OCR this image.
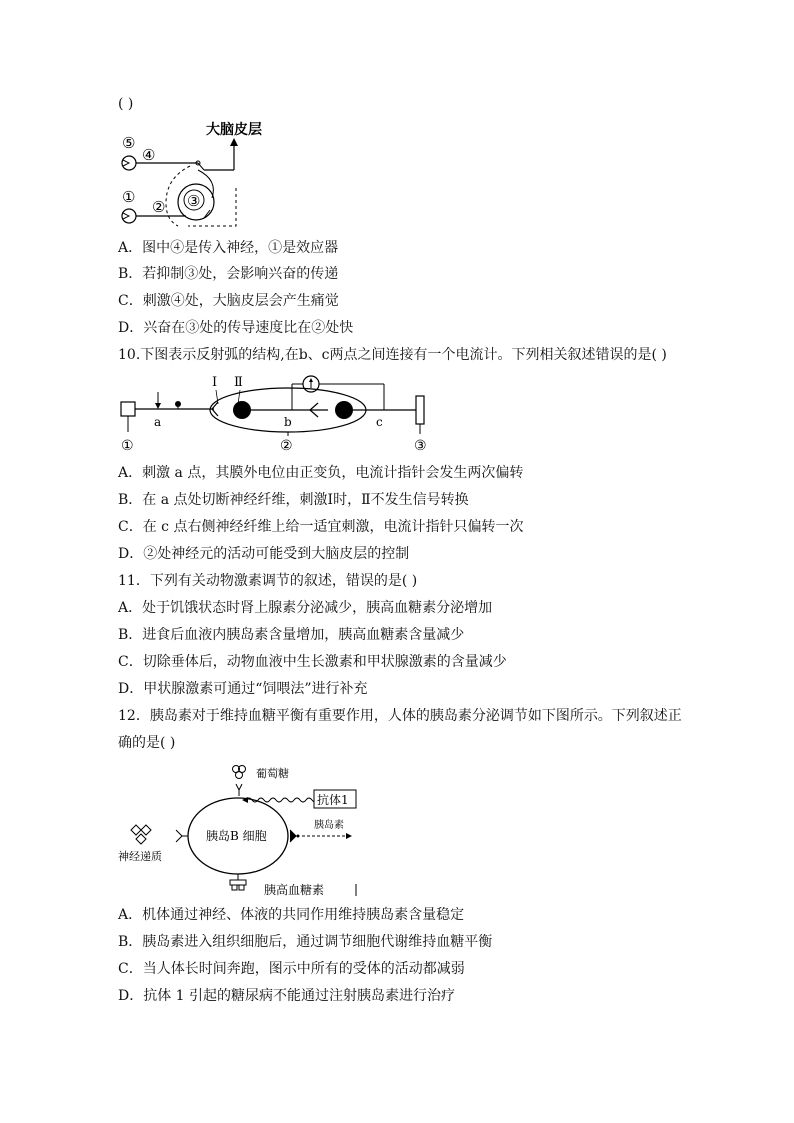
( )
大脑皮层
⑤
④
①
② ③
A．图中④是传入神经，①是效应器
B．若抑制③处，会影响兴奋的传递
C．刺激④处，大脑皮层会产生痛觉
D．兴奋在③处的传导速度比在②处快
10.下图表示反射弧的结构,在b、c两点之间连接有一个电流计。下列相关叙述错误的是( )
①
a
Ⅰ Ⅱ
b
②
c
③
A．刺激 a 点，其膜外电位由正变负，电流计指针会发生两次偏转
B．在 a 点处切断神经纤维，刺激Ⅰ时，Ⅱ不发生信号转换
C．在 c 点右侧神经纤维上给一适宜刺激，电流计指针只偏转一次
D．②处神经元的活动可能受到大脑皮层的控制
11．下列有关动物激素调节的叙述，错误的是( )
A．处于饥饿状态时肾上腺素分泌减少，胰高血糖素分泌增加
B．进食后血液内胰岛素含量增加，胰高血糖素含量减少
C．切除垂体后，动物血液中生长激素和甲状腺激素的含量减少
D．甲状腺激素可通过“饲喂法”进行补充
12．胰岛素对于维持血糖平衡有重要作用，人体的胰岛素分泌调节如下图所示。下列叙述正
确的是( )
葡萄糖
抗体1
胰岛B 细胞
神经递质
胰岛素
胰高血糖素
A．机体通过神经、体液的共同作用维持胰岛素含量稳定
B．胰岛素进入组织细胞后，通过调节细胞代谢维持血糖平衡
C．当人体长时间奔跑，图示中所有的受体的活动都减弱
D．抗体 1 引起的糖尿病不能通过注射胰岛素进行治疗
